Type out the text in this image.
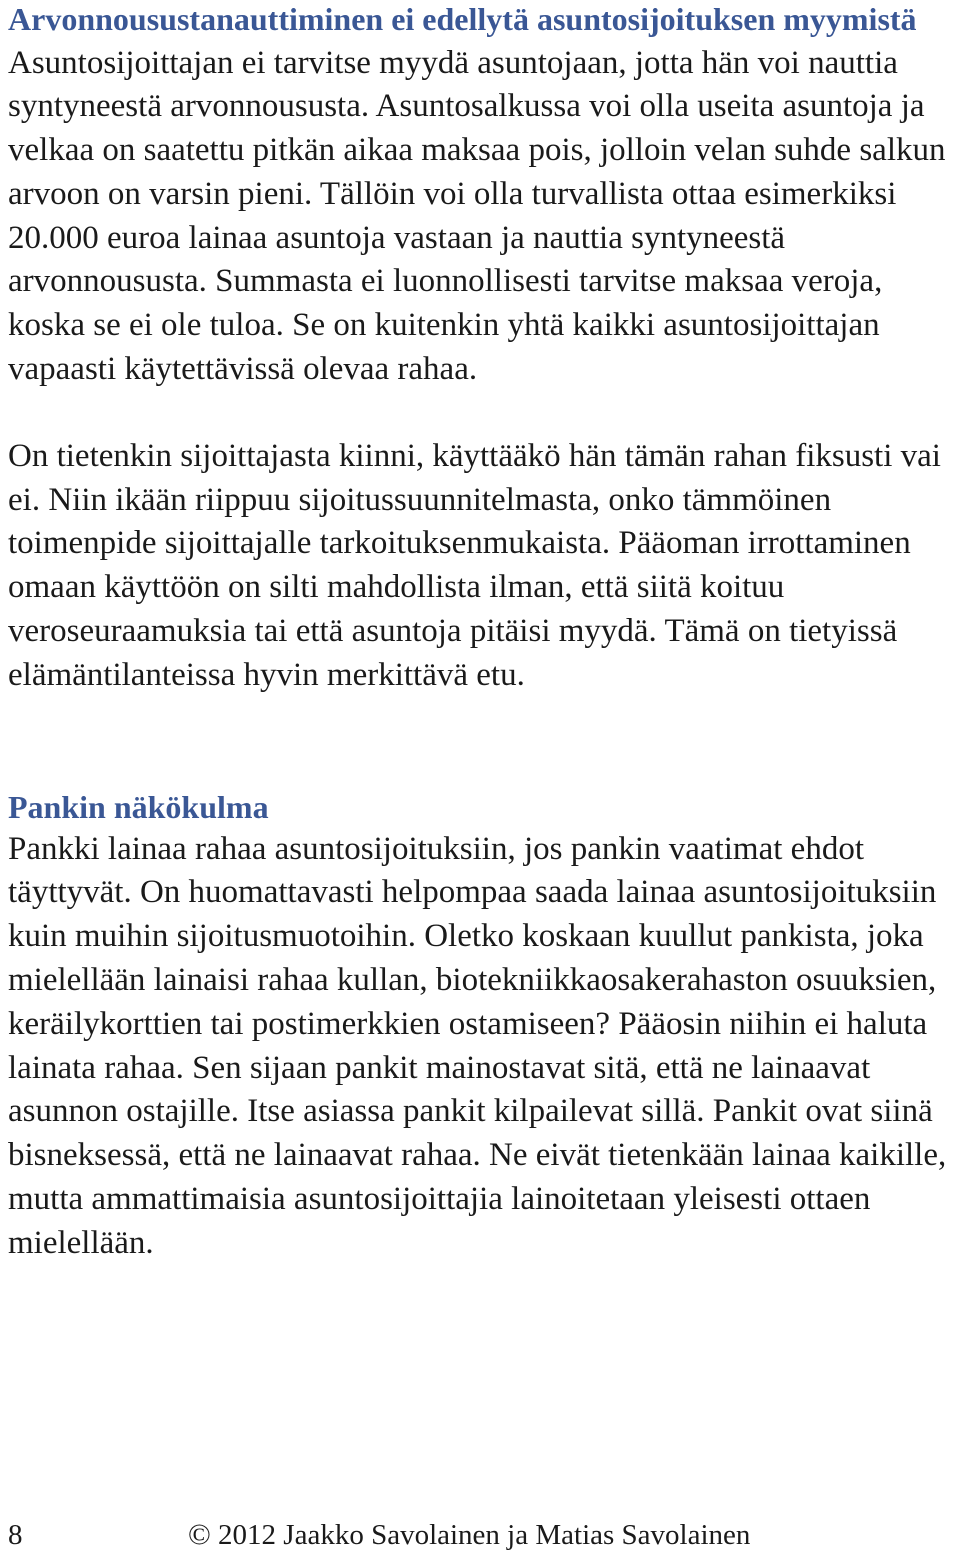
Arvonnousustanauttiminen ei edellytä asuntosijoituksen myymistä

Asuntosijoittajan ei tarvitse myydä asuntojaan, jotta hän voi nauttia syntyneestä arvonnoususta. Asuntosalkussa voi olla useita asuntoja ja velkaa on saatettu pitkän aikaa maksaa pois, jolloin velan suhde salkun arvoon on varsin pieni. Tällöin voi olla turvallista ottaa esimerkiksi 20.000 euroa lainaa asuntoja vastaan ja nauttia syntyneestä arvonnoususta. Summasta ei luonnollisesti tarvitse maksaa veroja, koska se ei ole tuloa. Se on kuitenkin yhtä kaikki asuntosijoittajan vapaasti käytettävissä olevaa rahaa.

On tietenkin sijoittajasta kiinni, käyttääkö hän tämän rahan fiksusti vai ei. Niin ikään riippuu sijoitussuunnitelmasta, onko tämmöinen toimenpide sijoittajalle tarkoituksenmukaista. Pääoman irrottaminen omaan käyttöön on silti mahdollista ilman, että siitä koituu veroseuraamuksia tai että asuntoja pitäisi myydä. Tämä on tietyissä elämäntilanteissa hyvin merkittävä etu.

Pankin näkökulma

Pankki lainaa rahaa asuntosijoituksiin, jos pankin vaatimat ehdot täyttyvät. On huomattavasti helpompaa saada lainaa asuntosijoituksiin kuin muihin sijoitusmuotoihin. Oletko koskaan kuullut pankista, joka mielellään lainaisi rahaa kullan, biotekniikkaosakerahaston osuuksien, keräilykorttien tai postimerkkien ostamiseen? Pääosin niihin ei haluta lainata rahaa. Sen sijaan pankit mainostavat sitä, että ne lainaavat asunnon ostajille. Itse asiassa pankit kilpailevat sillä. Pankit ovat siinä bisneksessä, että ne lainaavat rahaa. Ne eivät tietenkään lainaa kaikille, mutta ammattimaisia asuntosijoittajia lainoitetaan yleisesti ottaen mielellään.

8	© 2012 Jaakko Savolainen ja Matias Savolainen
